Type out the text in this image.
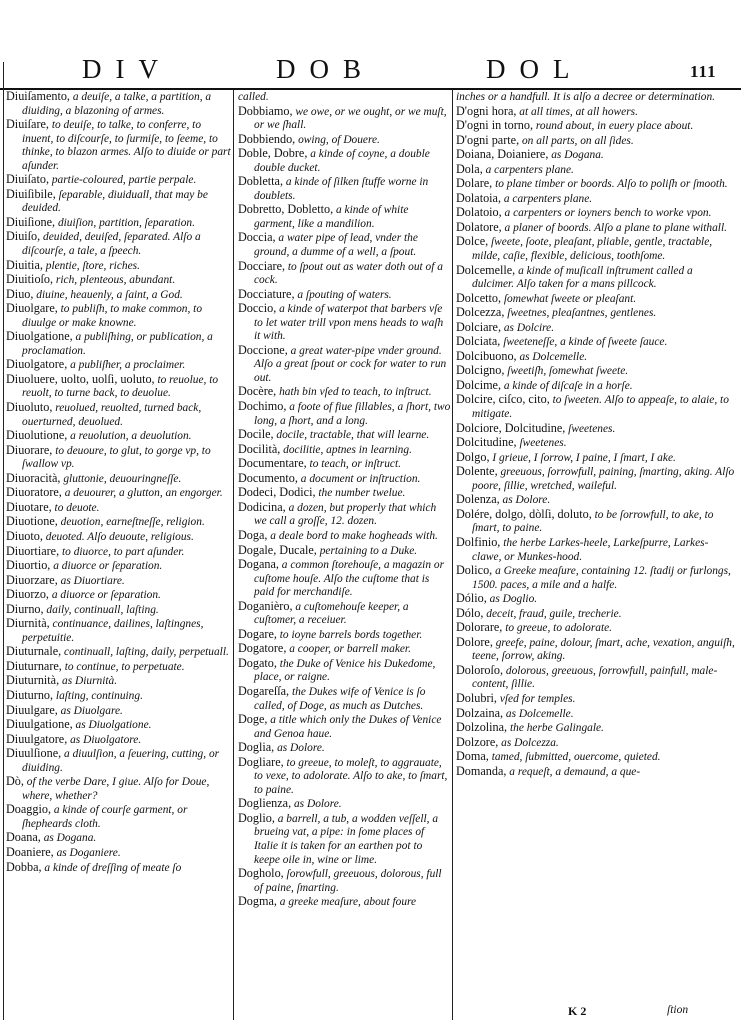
DIV	DOB	DOL	111

Diuiſamento, a deuiſe, a talke, a partition, a diuiding, a blazoning of armes.

Diuiſare, to deuiſe, to talke, to conferre, to inuent, to diſcourſe, to ſurmiſe, to ſeeme, to thinke, to blazon armes. Alſo to diuide or part aſunder.

Diuiſato, partie-coloured, partie perpale.

Diuiſibile, ſeparable, diuiduall, that may be deuided.

Diuiſione, diuiſion, partition, ſeparation.

Diuiſo, deuided, deuiſed, ſeparated. Alſo a diſcourſe, a tale, a ſpeech.

Diuitia, plentie, ſtore, riches.

Diuitioſo, rich, plenteous, abundant.

Diuo, diuine, heauenly, a ſaint, a God.

Diuolgare, to publiſh, to make common, to diuulge or make knowne.

Diuolgatione, a publiſhing, or publication, a proclamation.

Diuolgatore, a publiſher, a proclaimer.

Diuoluere, uolto, uolſi, uoluto, to reuolue, to reuolt, to turne back, to deuolue.

Diuoluto, reuolued, reuolted, turned back, ouerturned, deuolued.

Diuolutione, a reuolution, a deuolution.

Diuorare, to deuoure, to glut, to gorge vp, to ſwallow vp.

Diuoracità, gluttonie, deuouringneſſe.

Diuoratore, a deuourer, a glutton, an engorger.

Diuotare, to deuote.

Diuotione, deuotion, earneſtneſſe, religion.

Diuoto, deuoted. Alſo deuoute, religious.

Diuortiare, to diuorce, to part aſunder.

Diuortio, a diuorce or ſeparation.

Diuorzare, as Diuortiare.

Diuorzo, a diuorce or ſeparation.

Diurno, daily, continuall, laſting.

Diurnità, continuance, dailines, laſtingnes, perpetuitie.

Diuturnale, continuall, laſting, daily, perpetuall.

Diuturnare, to continue, to perpetuate.

Diuturnità, as Diurnità.

Diuturno, laſting, continuing.

Diuulgare, as Diuolgare.

Diuulgatione, as Diuolgatione.

Diuulgatore, as Diuolgatore.

Diuulſione, a diuulſion, a ſeuering, cutting, or diuiding.

Dò, of the verbe Dare, I giue. Alſo for Doue, where, whether?

Doaggio, a kinde of courſe garment, or ſhepheards cloth.

Doana, as Dogana.

Doaniere, as Doganiere.

Dobba, a kinde of dreſſing of meate ſo

called.

Dobbiamo, we owe, or we ought, or we muſt, or we ſhall.

Dobbiendo, owing, of Douere.

Doble, Dobre, a kinde of coyne, a double double ducket.

Dobletta, a kinde of ſilken ſtuffe worne in doublets.

Dobretto, Dobletto, a kinde of white garment, like a mandilion.

Doccia, a water pipe of lead, vnder the ground, a dumme of a well, a ſpout.

Docciare, to ſpout out as water doth out of a cock.

Docciature, a ſpouting of waters.

Doccio, a kinde of waterpot that barbers vſe to let water trill vpon mens heads to waſh it with.

Doccione, a great water-pipe vnder ground. Alſo a great ſpout or cock for water to run out.

Docère, hath bin vſed to teach, to inſtruct.

Dochimo, a foote of fiue ſillables, a ſhort, two long, a ſhort, and a long.

Docile, docile, tractable, that will learne.

Docilità, docilitie, aptnes in learning.

Documentare, to teach, or inſtruct.

Documento, a document or inſtruction.

Dodeci, Dodici, the number twelue.

Dodicina, a dozen, but properly that which we call a groſſe, 12. dozen.

Doga, a deale bord to make hogheads with.

Dogale, Ducale, pertaining to a Duke.

Dogana, a common ſtorehouſe, a magazin or cuſtome houſe. Alſo the cuſtome that is paid for merchandiſe.

Doganièro, a cuſtomehouſe keeper, a cuſtomer, a receiuer.

Dogare, to ioyne barrels bords together.

Dogatore, a cooper, or barrell maker.

Dogato, the Duke of Venice his Dukedome, place, or raigne.

Dogareſſa, the Dukes wife of Venice is ſo called, of Doge, as much as Dutches.

Doge, a title which only the Dukes of Venice and Genoa haue.

Doglia, as Dolore.

Dogliare, to greeue, to moleſt, to aggrauate, to vexe, to adolorate. Alſo to ake, to ſmart, to paine.

Doglienza, as Dolore.

Doglio, a barrell, a tub, a wodden veſſell, a brueing vat, a pipe: in ſome places of Italie it is taken for an earthen pot to keepe oile in, wine or lime.

Dogholo, ſorowfull, greeuous, dolorous, full of paine, ſmarting.

Dogma, a greeke meaſure, about foure

inches or a handfull. It is alſo a decree or determination.

D'ogni hora, at all times, at all howers.

D'ogni in torno, round about, in euery place about.

D'ogni parte, on all parts, on all ſides.

Doiana, Doianiere, as Dogana.

Dola, a carpenters plane.

Dolare, to plane timber or boords. Alſo to poliſh or ſmooth.

Dolatoia, a carpenters plane.

Dolatoio, a carpenters or ioyners bench to worke vpon.

Dolatore, a planer of boords. Alſo a plane to plane withall.

Dolce, ſweete, ſoote, pleaſant, pliable, gentle, tractable, milde, caſie, flexible, delicious, toothſome.

Dolcemelle, a kinde of muſicall inſtrument called a dulcimer. Alſo taken for a mans pillcock.

Dolcetto, ſomewhat ſweete or pleaſant.

Dolcezza, ſweetnes, pleaſantnes, gentlenes.

Dolciare, as Dolcire.

Dolciata, ſweeteneſſe, a kinde of ſweete ſauce.

Dolcibuono, as Dolcemelle.

Dolcigno, ſweetiſh, ſomewhat ſweete.

Dolcime, a kinde of diſcaſe in a horſe.

Dolcire, ciſco, cito, to ſweeten. Alſo to appeaſe, to alaie, to mitigate.

Dolciore, Dolcitudine, ſweetenes.

Dolcitudine, ſweetenes.

Dolgo, I grieue, I ſorrow, I paine, I ſmart, I ake.

Dolente, greeuous, ſorrowfull, paining, ſmarting, aking. Alſo poore, ſillie, wretched, waileful.

Dolenza, as Dolore.

Dolére, dolgo, dòlſi, doluto, to be ſorrowfull, to ake, to ſmart, to paine.

Dolfinio, the herbe Larkes-heele, Larkeſpurre, Larkes-clawe, or Munkes-hood.

Dolico, a Greeke meaſure, containing 12. ſtadij or furlongs, 1500. paces, a mile and a halfe.

Dólio, as Doglio.

Dólo, deceit, fraud, guile, trecherie.

Dolorare, to greeue, to adolorate.

Dolore, greefe, paine, dolour, ſmart, ache, vexation, anguiſh, teene, ſorrow, aking.

Doloroſo, dolorous, greeuous, ſorrowfull, painfull, male-content, ſillie.

Dolubri, vſed for temples.

Dolzaina, as Dolcemelle.

Dolzolina, the herbe Galingale.

Dolzore, as Dolcezza.

Doma, tamed, ſubmitted, ouercome, quieted.

Domanda, a requeſt, a demaund, a que-

K 2	ſtion
